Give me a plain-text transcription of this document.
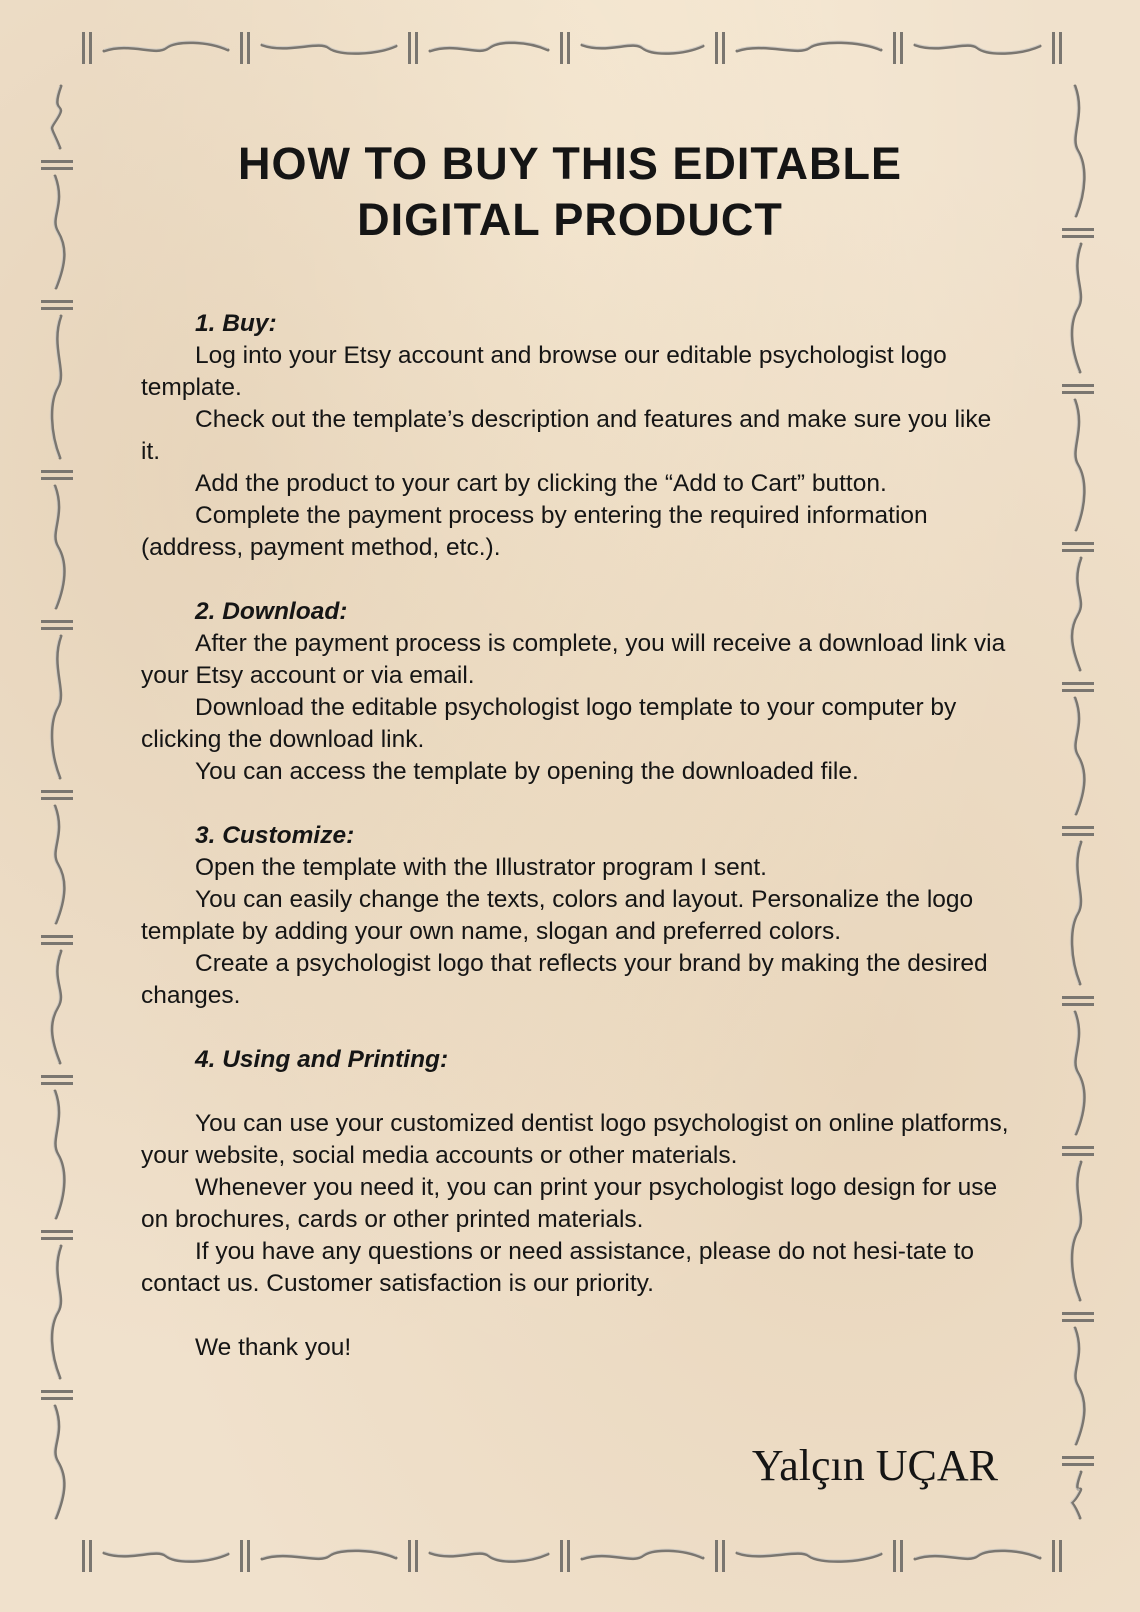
HOW TO BUY THIS EDITABLE
DIGITAL PRODUCT
1. Buy:

Log into your Etsy account and browse our editable psychologist logo template.

Check out the template’s description and features and make sure you like it.

Add the product to your cart by clicking the “Add to Cart” button.

Complete the payment process by entering the required information (address, payment method, etc.).

2. Download:

After the payment process is complete, you will receive a download link via your Etsy account or via email.

Download the editable psychologist logo template to your computer by clicking the download link.

You can access the template by opening the downloaded file.

3. Customize:

Open the template with the Illustrator program I sent.

You can easily change the texts, colors and layout. Personalize the logo template by adding your own name, slogan and preferred colors.

Create a psychologist logo that reflects your brand by making the desired changes.

4. Using and Printing:

You can use your customized dentist logo psychologist on online platforms, your website, social media accounts or other materials.

Whenever you need it, you can print your psychologist logo design for use on brochures, cards or other printed materials.

If you have any questions or need assistance, please do not hesi-tate to contact us. Customer satisfaction is our priority.

We thank you!

Yalçın UÇAR
